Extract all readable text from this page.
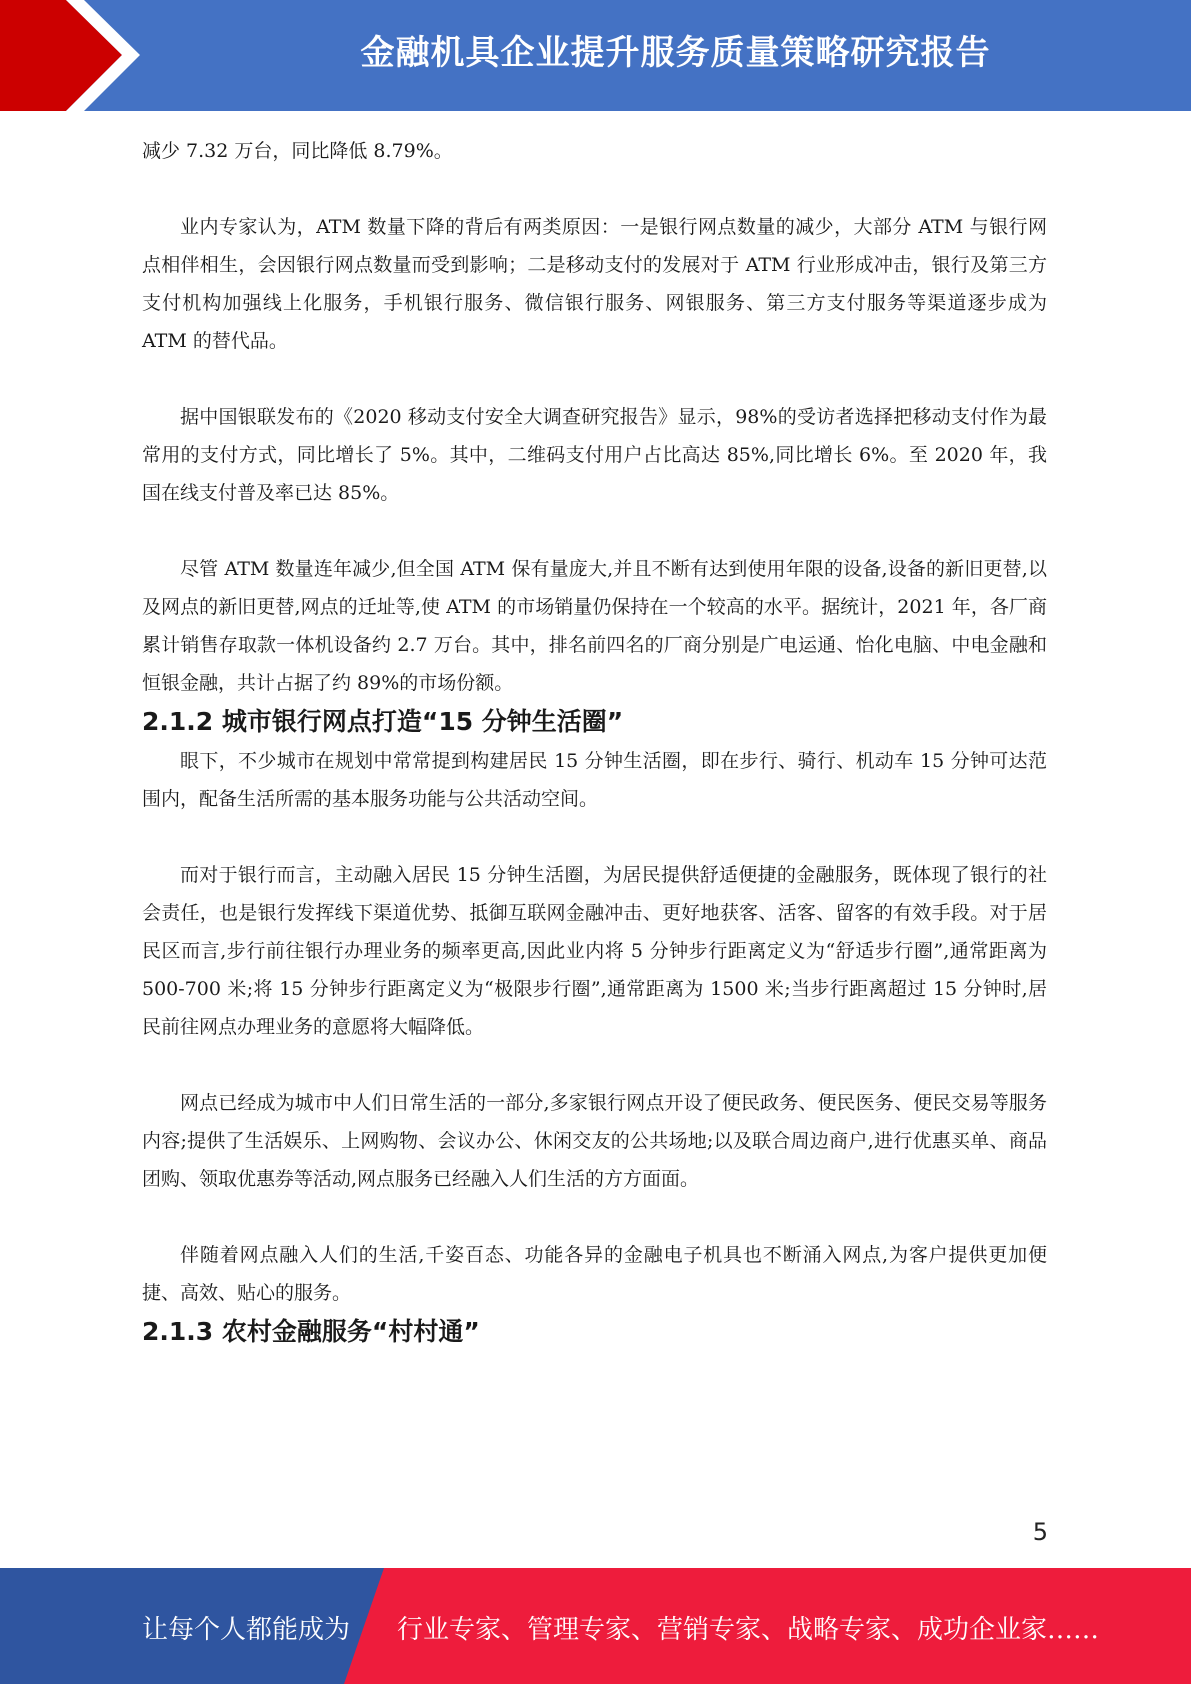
金融机具企业提升服务质量策略研究报告

减少 7.32 万台，同比降低 8.79%。

业内专家认为，ATM 数量下降的背后有两类原因：一是银行网点数量的减少，大部分 ATM 与银行网点相伴相生，会因银行网点数量而受到影响；二是移动支付的发展对于 ATM 行业形成冲击，银行及第三方支付机构加强线上化服务，手机银行服务、微信银行服务、网银服务、第三方支付服务等渠道逐步成为 ATM 的替代品。

据中国银联发布的《2020 移动支付安全大调查研究报告》显示，98%的受访者选择把移动支付作为最常用的支付方式，同比增长了 5%。其中，二维码支付用户占比高达 85%,同比增长 6%。至 2020 年，我国在线支付普及率已达 85%。

尽管 ATM 数量连年减少,但全国 ATM 保有量庞大,并且不断有达到使用年限的设备,设备的新旧更替,以及网点的新旧更替,网点的迁址等,使 ATM 的市场销量仍保持在一个较高的水平。据统计，2021 年，各厂商累计销售存取款一体机设备约 2.7 万台。其中，排名前四名的厂商分别是广电运通、怡化电脑、中电金融和恒银金融，共计占据了约 89%的市场份额。

2.1.2 城市银行网点打造“15 分钟生活圈”

眼下，不少城市在规划中常常提到构建居民 15 分钟生活圈，即在步行、骑行、机动车 15 分钟可达范围内，配备生活所需的基本服务功能与公共活动空间。

而对于银行而言，主动融入居民 15 分钟生活圈，为居民提供舒适便捷的金融服务，既体现了银行的社会责任，也是银行发挥线下渠道优势、抵御互联网金融冲击、更好地获客、活客、留客的有效手段。对于居民区而言,步行前往银行办理业务的频率更高,因此业内将 5 分钟步行距离定义为“舒适步行圈”,通常距离为 500-700 米;将 15 分钟步行距离定义为“极限步行圈”,通常距离为 1500 米;当步行距离超过 15 分钟时,居民前往网点办理业务的意愿将大幅降低。

网点已经成为城市中人们日常生活的一部分,多家银行网点开设了便民政务、便民医务、便民交易等服务内容;提供了生活娱乐、上网购物、会议办公、休闲交友的公共场地;以及联合周边商户,进行优惠买单、商品团购、领取优惠券等活动,网点服务已经融入人们生活的方方面面。

伴随着网点融入人们的生活,千姿百态、功能各异的金融电子机具也不断涌入网点,为客户提供更加便捷、高效、贴心的服务。

2.1.3 农村金融服务“村村通”
5
让每个人都能成为 行业专家、管理专家、营销专家、战略专家、成功企业家……
